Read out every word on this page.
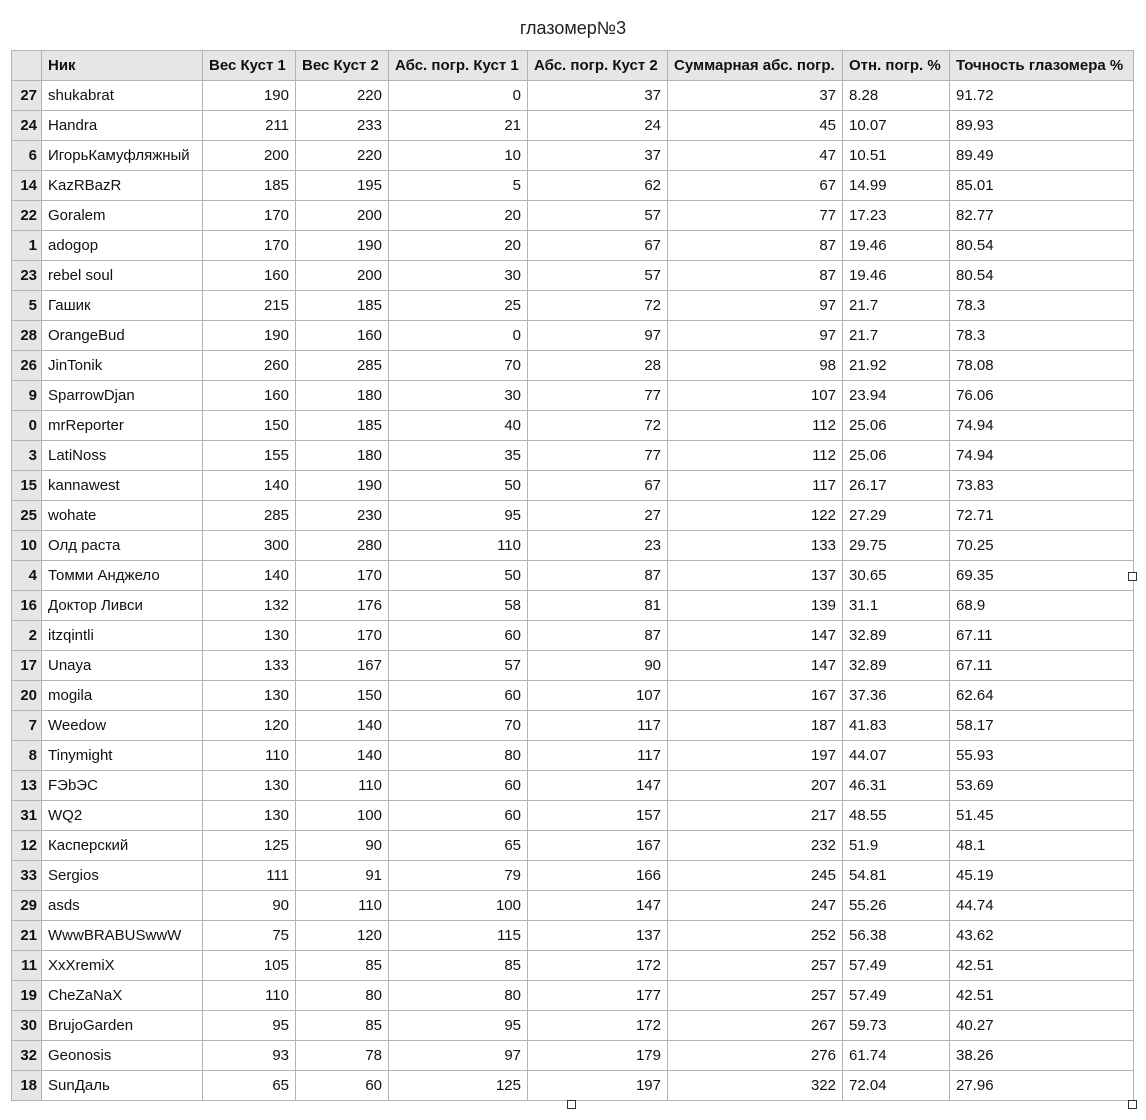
глазомер№3
	Ник	Вес Куст 1	Вес Куст 2	Абс. погр. Куст 1	Абс. погр. Куст 2	Суммарная абс. погр.	Отн. погр. %	Точность глазомера %
27	shukabrat	190	220	0	37	37	8.28	91.72
24	Handra	211	233	21	24	45	10.07	89.93
6	ИгорьКамуфляжный	200	220	10	37	47	10.51	89.49
14	KazRBazR	185	195	5	62	67	14.99	85.01
22	Goralem	170	200	20	57	77	17.23	82.77
1	adogop	170	190	20	67	87	19.46	80.54
23	rebel soul	160	200	30	57	87	19.46	80.54
5	Гашик	215	185	25	72	97	21.7	78.3
28	OrangeBud	190	160	0	97	97	21.7	78.3
26	JinTonik	260	285	70	28	98	21.92	78.08
9	SparrowDjan	160	180	30	77	107	23.94	76.06
0	mrReporter	150	185	40	72	112	25.06	74.94
3	LatiNoss	155	180	35	77	112	25.06	74.94
15	kannawest	140	190	50	67	117	26.17	73.83
25	wohate	285	230	95	27	122	27.29	72.71
10	Олд раста	300	280	110	23	133	29.75	70.25
4	Томми Анджело	140	170	50	87	137	30.65	69.35
16	Доктор Ливси	132	176	58	81	139	31.1	68.9
2	itzqintli	130	170	60	87	147	32.89	67.11
17	Unaya	133	167	57	90	147	32.89	67.11
20	mogila	130	150	60	107	167	37.36	62.64
7	Weedow	120	140	70	117	187	41.83	58.17
8	Tinymight	110	140	80	117	197	44.07	55.93
13	FЭbЭС	130	110	60	147	207	46.31	53.69
31	WQ2	130	100	60	157	217	48.55	51.45
12	Касперский	125	90	65	167	232	51.9	48.1
33	Sergios	111	91	79	166	245	54.81	45.19
29	asds	90	110	100	147	247	55.26	44.74
21	WwwBRABUSwwW	75	120	115	137	252	56.38	43.62
11	XxXremiX	105	85	85	172	257	57.49	42.51
19	CheZaNaX	110	80	80	177	257	57.49	42.51
30	BrujoGarden	95	85	95	172	267	59.73	40.27
32	Geonosis	93	78	97	179	276	61.74	38.26
18	SunДаль	65	60	125	197	322	72.04	27.96
